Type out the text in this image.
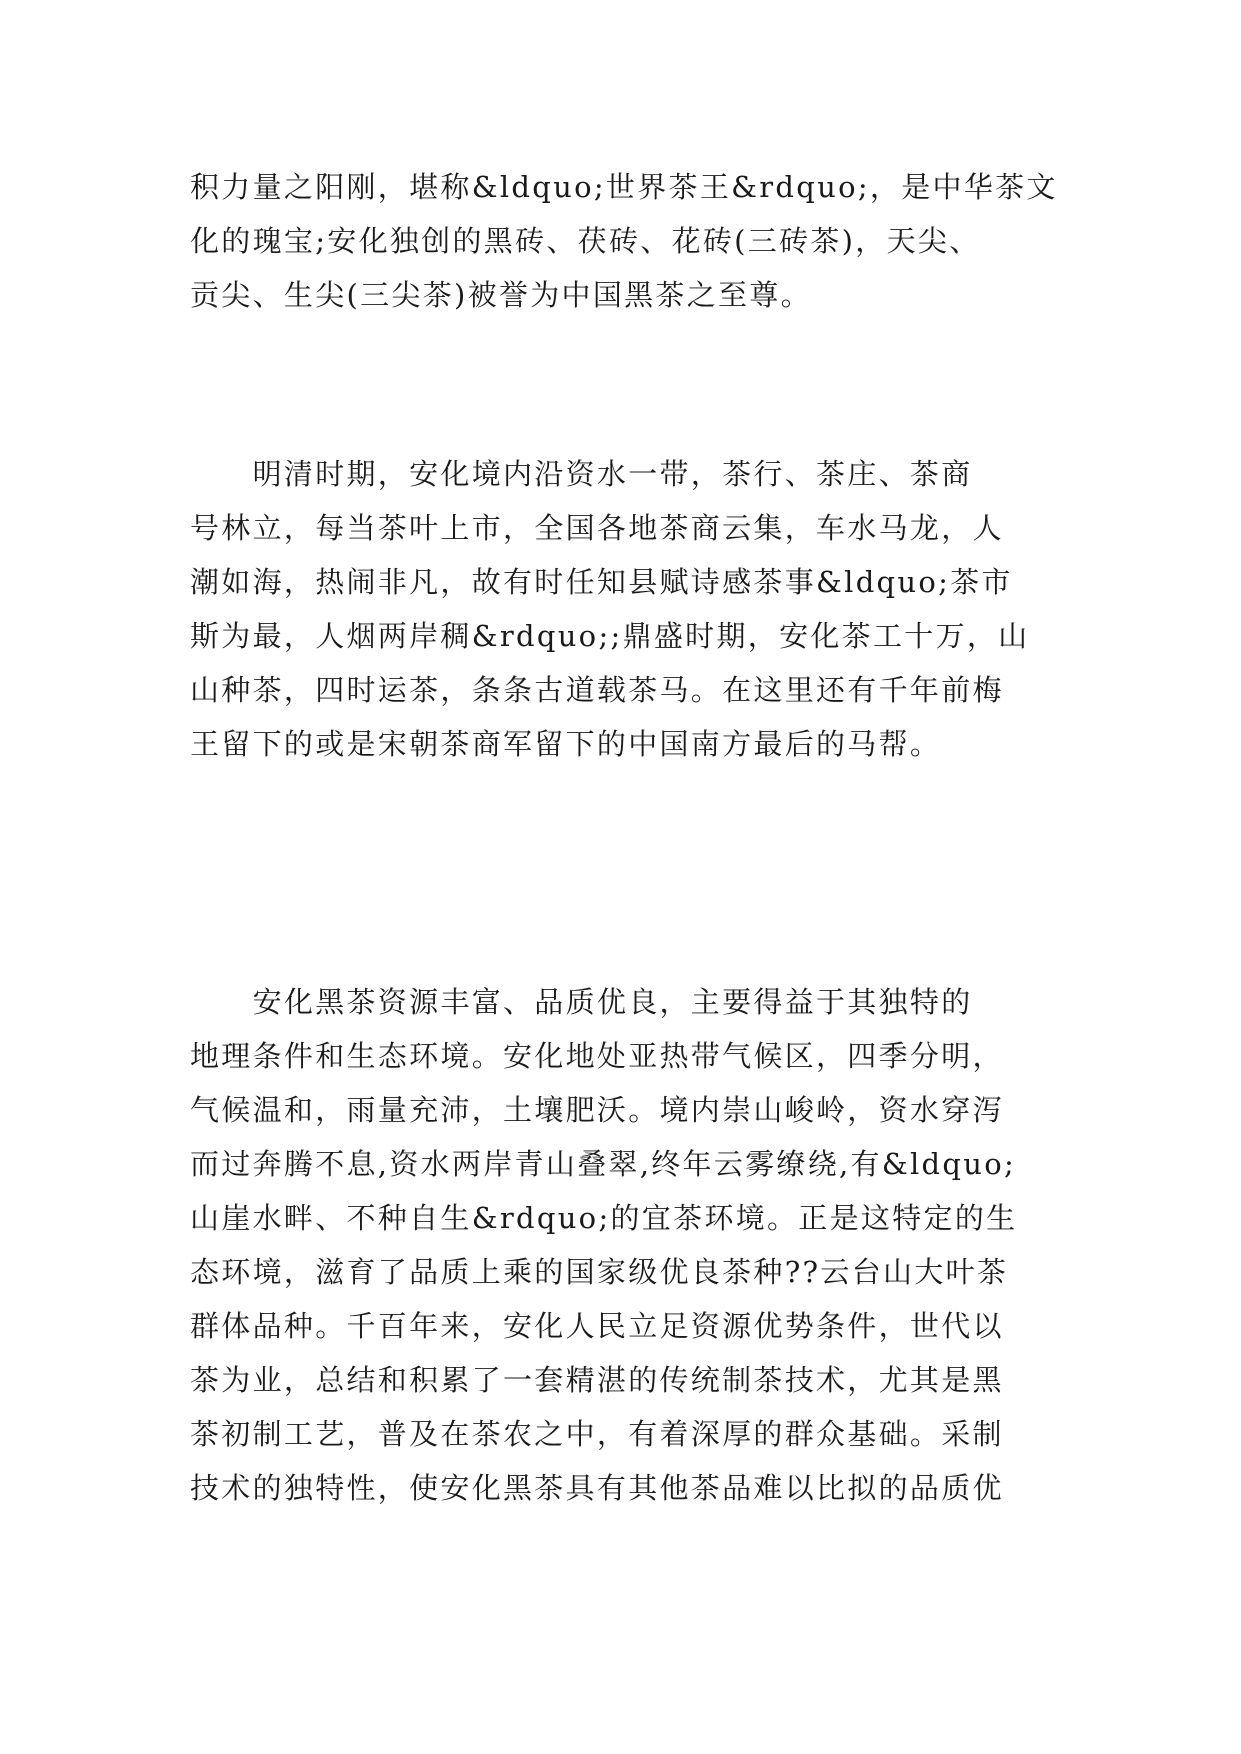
积力量之阳刚，堪称&ldquo;世界茶王&rdquo;，是中华茶文
化的瑰宝;安化独创的黑砖、茯砖、花砖(三砖茶)，天尖、
贡尖、生尖(三尖茶)被誉为中国黑茶之至尊。
　　明清时期，安化境内沿资水一带，茶行、茶庄、茶商
号林立，每当茶叶上市，全国各地茶商云集，车水马龙，人
潮如海，热闹非凡，故有时任知县赋诗感茶事&ldquo;茶市
斯为最，人烟两岸稠&rdquo;;鼎盛时期，安化茶工十万，山
山种茶，四时运茶，条条古道载茶马。在这里还有千年前梅
王留下的或是宋朝茶商军留下的中国南方最后的马帮。
　　安化黑茶资源丰富、品质优良，主要得益于其独特的
地理条件和生态环境。安化地处亚热带气候区，四季分明，
气候温和，雨量充沛，土壤肥沃。境内崇山峻岭，资水穿泻
而过奔腾不息,资水两岸青山叠翠,终年云雾缭绕,有&ldquo;
山崖水畔、不种自生&rdquo;的宜茶环境。正是这特定的生
态环境，滋育了品质上乘的国家级优良茶种??云台山大叶茶
群体品种。千百年来，安化人民立足资源优势条件，世代以
茶为业，总结和积累了一套精湛的传统制茶技术，尤其是黑
茶初制工艺，普及在茶农之中，有着深厚的群众基础。采制
技术的独特性，使安化黑茶具有其他茶品难以比拟的品质优
